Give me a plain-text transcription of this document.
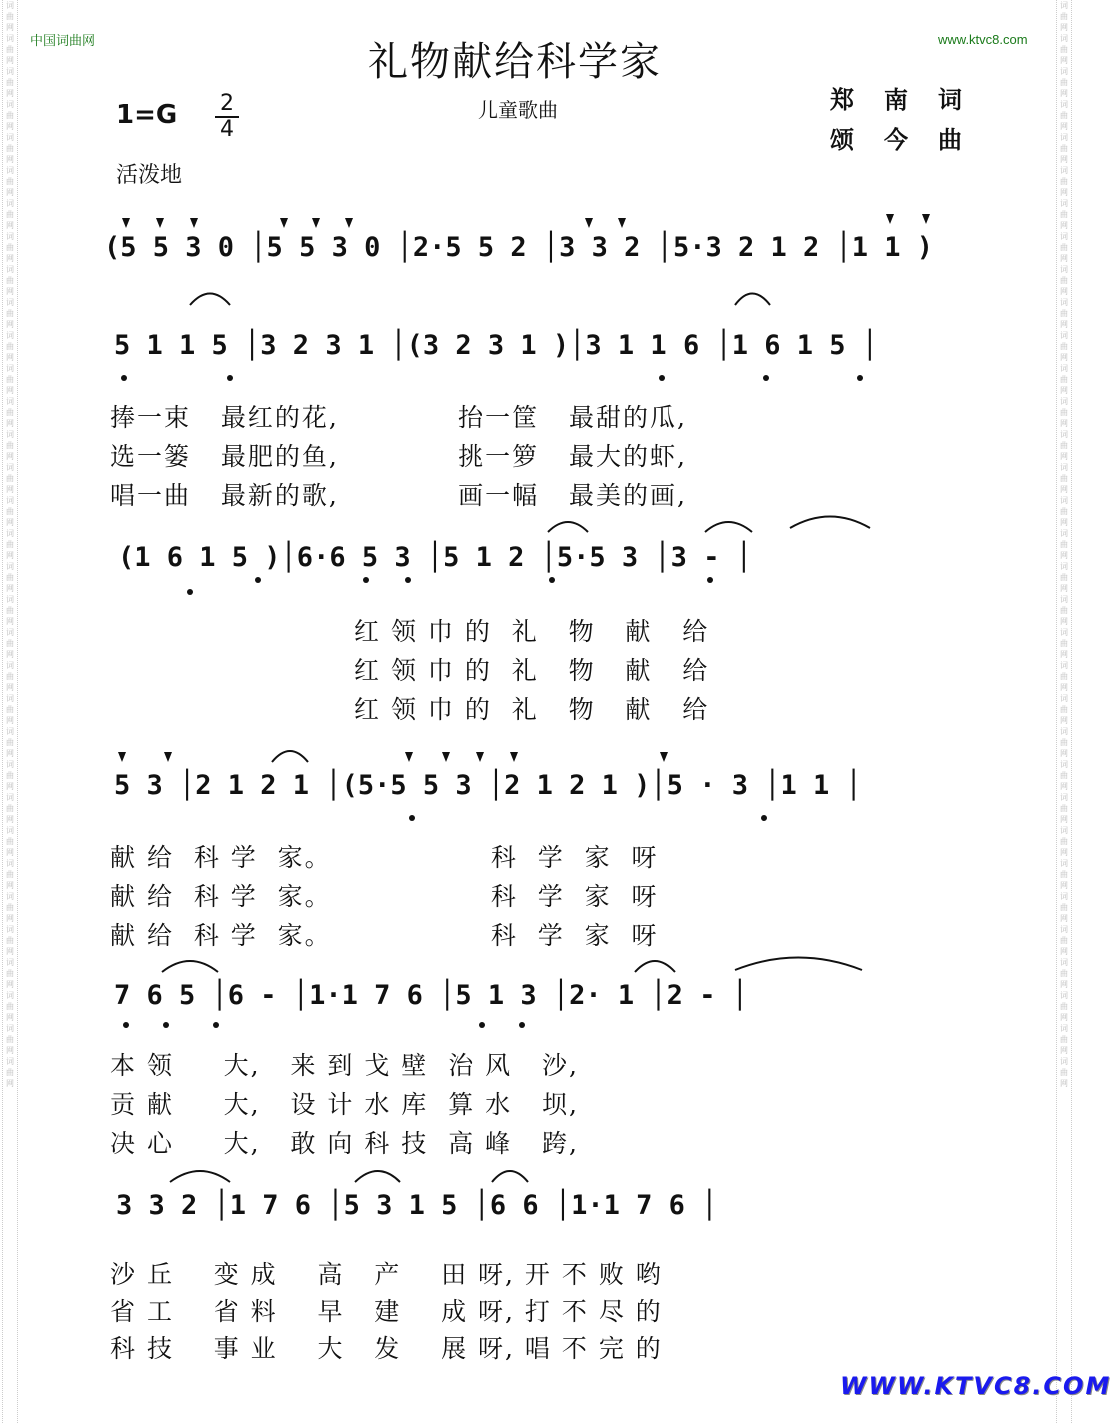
词曲网词曲网词曲网词曲网词曲网词曲网词曲网词曲网词曲网词曲网词曲网词曲网词曲网词曲网词曲网词曲网词曲网词曲网词曲网词曲网词曲网词曲网词曲网词曲网词曲网词曲网词曲网词曲网词曲网词曲网词曲网词曲网词曲网
词曲网词曲网词曲网词曲网词曲网词曲网词曲网词曲网词曲网词曲网词曲网词曲网词曲网词曲网词曲网词曲网词曲网词曲网词曲网词曲网词曲网词曲网词曲网词曲网词曲网词曲网词曲网词曲网词曲网词曲网词曲网词曲网词曲网
中国词曲网	www.ktvc8.com
礼物献给科学家
儿童歌曲	郑南词
颂今曲
1=G	2
4
活泼地
(5 5 3 0 │5 5 3 0 │2·5 5 2 │3 3 2 │5·3 2 1 2 │1 1 )
5 1 1 5 │3 2 3 1 │(3 2 3 1 )│3 1 1 6 │1 6 1 5 │
捧一束   最红的花,            抬一筐   最甜的瓜,
选一篓   最肥的鱼,            挑一箩   最大的虾,
唱一曲   最新的歌,            画一幅   最美的画,
(1 6 1 5 )│6·6 5 3 │5 1 2 │5·5 3 │3 - │
红 领 巾 的  礼   物   献   给
红 领 巾 的  礼   物   献   给
红 领 巾 的  礼   物   献   给
5 3 │2 1 2 1 │(5·5 5 3 │2 1 2 1 )│5 · 3 │1 1 │
献 给  科 学  家。                科  学  家  呀
献 给  科 学  家。                科  学  家  呀
献 给  科 学  家。                科  学  家  呀
7 6 5 │6 - │1·1 7 6 │5 1 3 │2· 1 │2 - │
本 领     大,   来 到 戈 壁  治 风   沙,
贡 献     大,   设 计 水 库  算 水   坝,
决 心     大,   敢 向 科 技  高 峰   跨,
3 3 2 │1 7 6 │5 3 1 5 │6 6 │1·1 7 6 │
沙 丘    变 成    高   产    田 呀, 开 不 败 哟
省 工    省 料    早   建    成 呀, 打 不 尽 的
科 技    事 业    大   发    展 呀, 唱 不 完 的
WWW.KTVC8.COM
